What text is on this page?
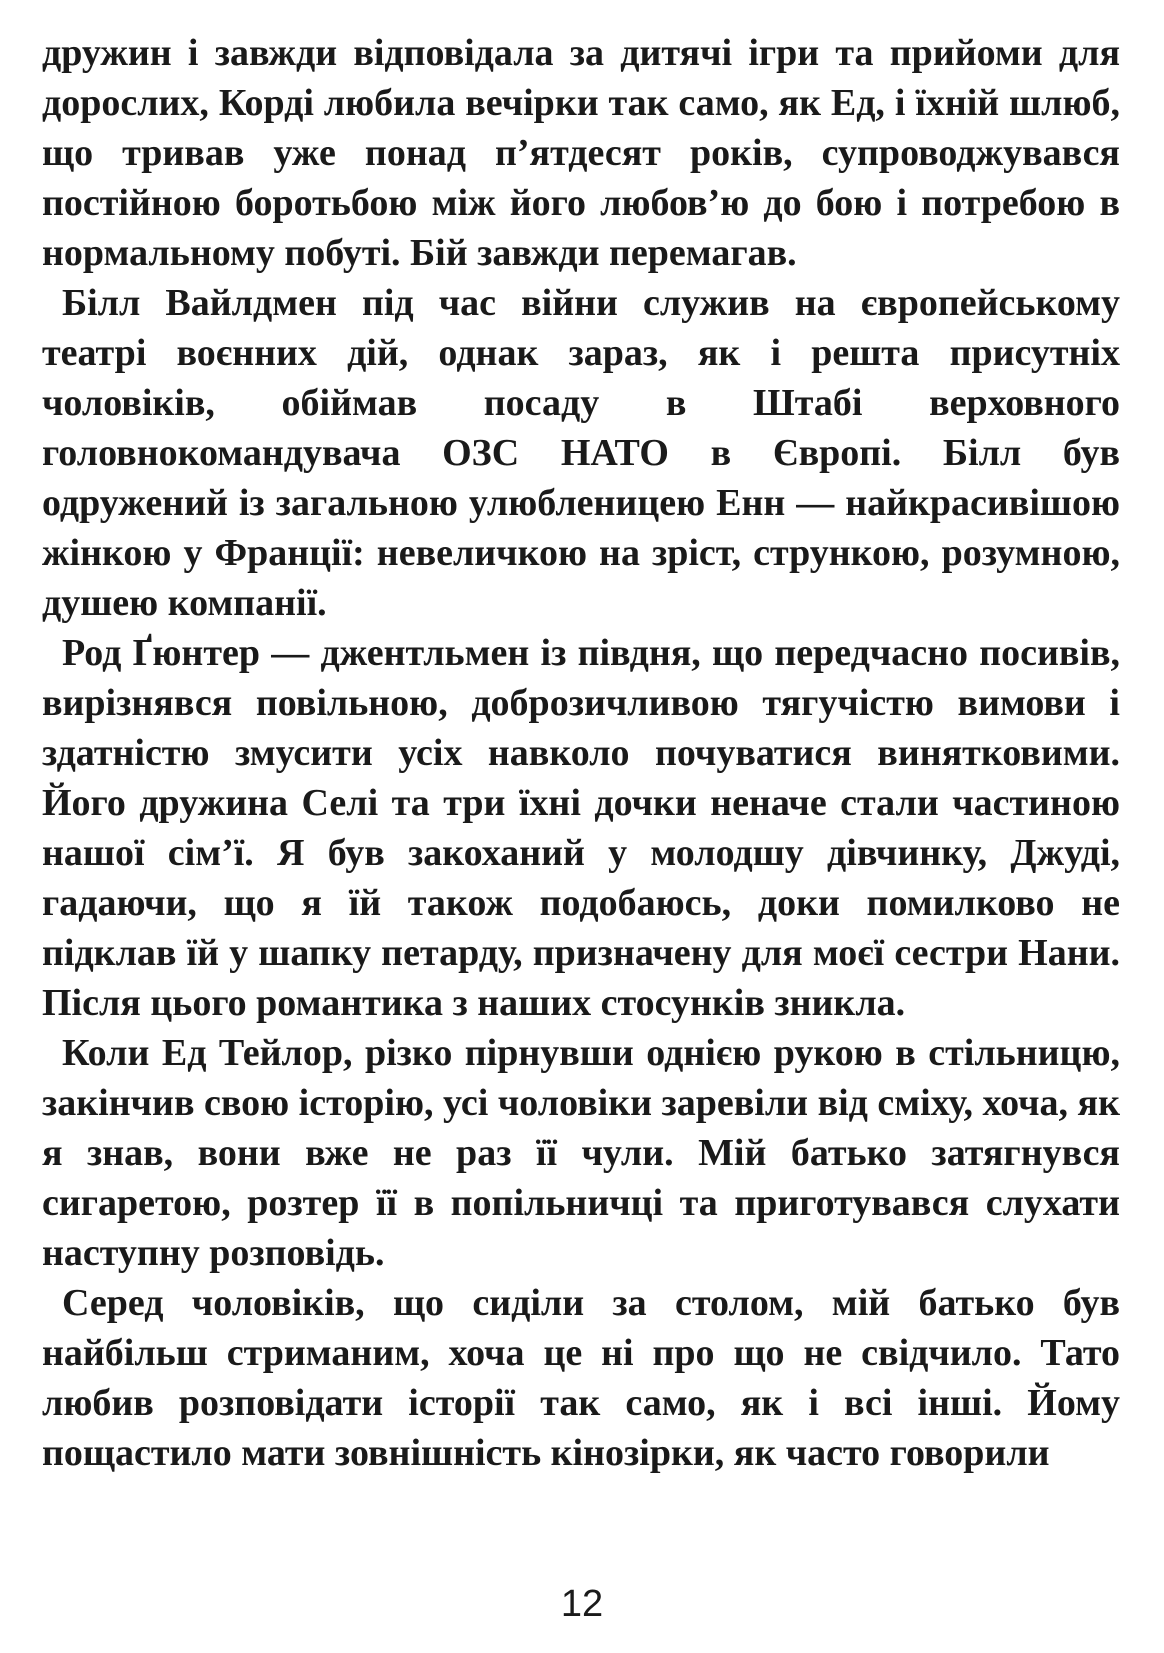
дружин і завжди відповідала за дитячі ігри та прийоми для дорослих, Корді любила вечірки так само, як Ед, і їхній шлюб, що тривав уже понад п’ятдесят років, супроводжувався постійною боротьбою між його любов’ю до бою і потребою в нормальному побуті. Бій завжди перемагав.

Білл Вайлдмен під час війни служив на європейському театрі воєнних дій, однак зараз, як і решта присутніх чоловіків, обіймав посаду в Штабі верховного головнокомандувача ОЗС НАТО в Європі. Білл був одружений із загальною улюбленицею Енн — найкрасивішою жінкою у Франції: невеличкою на зріст, стрункою, розумною, душею компанії.

Род Ґюнтер — джентльмен із півдня, що передчасно посивів, вирізнявся повільною, доброзичливою тягучістю вимови і здатністю змусити усіх навколо почуватися винятковими. Його дружина Селі та три їхні дочки неначе стали частиною нашої сім’ї. Я був закоханий у молодшу дівчинку, Джуді, гадаючи, що я їй також подобаюсь, доки помилково не підклав їй у шапку петарду, призначену для моєї сестри Нани. Після цього романтика з наших стосунків зникла.

Коли Ед Тейлор, різко пірнувши однією рукою в стільницю, закінчив свою історію, усі чоловіки заревіли від сміху, хоча, як я знав, вони вже не раз її чули. Мій батько затягнувся сигаретою, розтер її в попільничці та приготувався слухати наступну розповідь.

Серед чоловіків, що сиділи за столом, мій батько був найбільш стриманим, хоча це ні про що не свідчило. Тато любив розповідати історії так само, як і всі інші. Йому пощастило мати зовнішність кінозірки, як часто говорили

12
